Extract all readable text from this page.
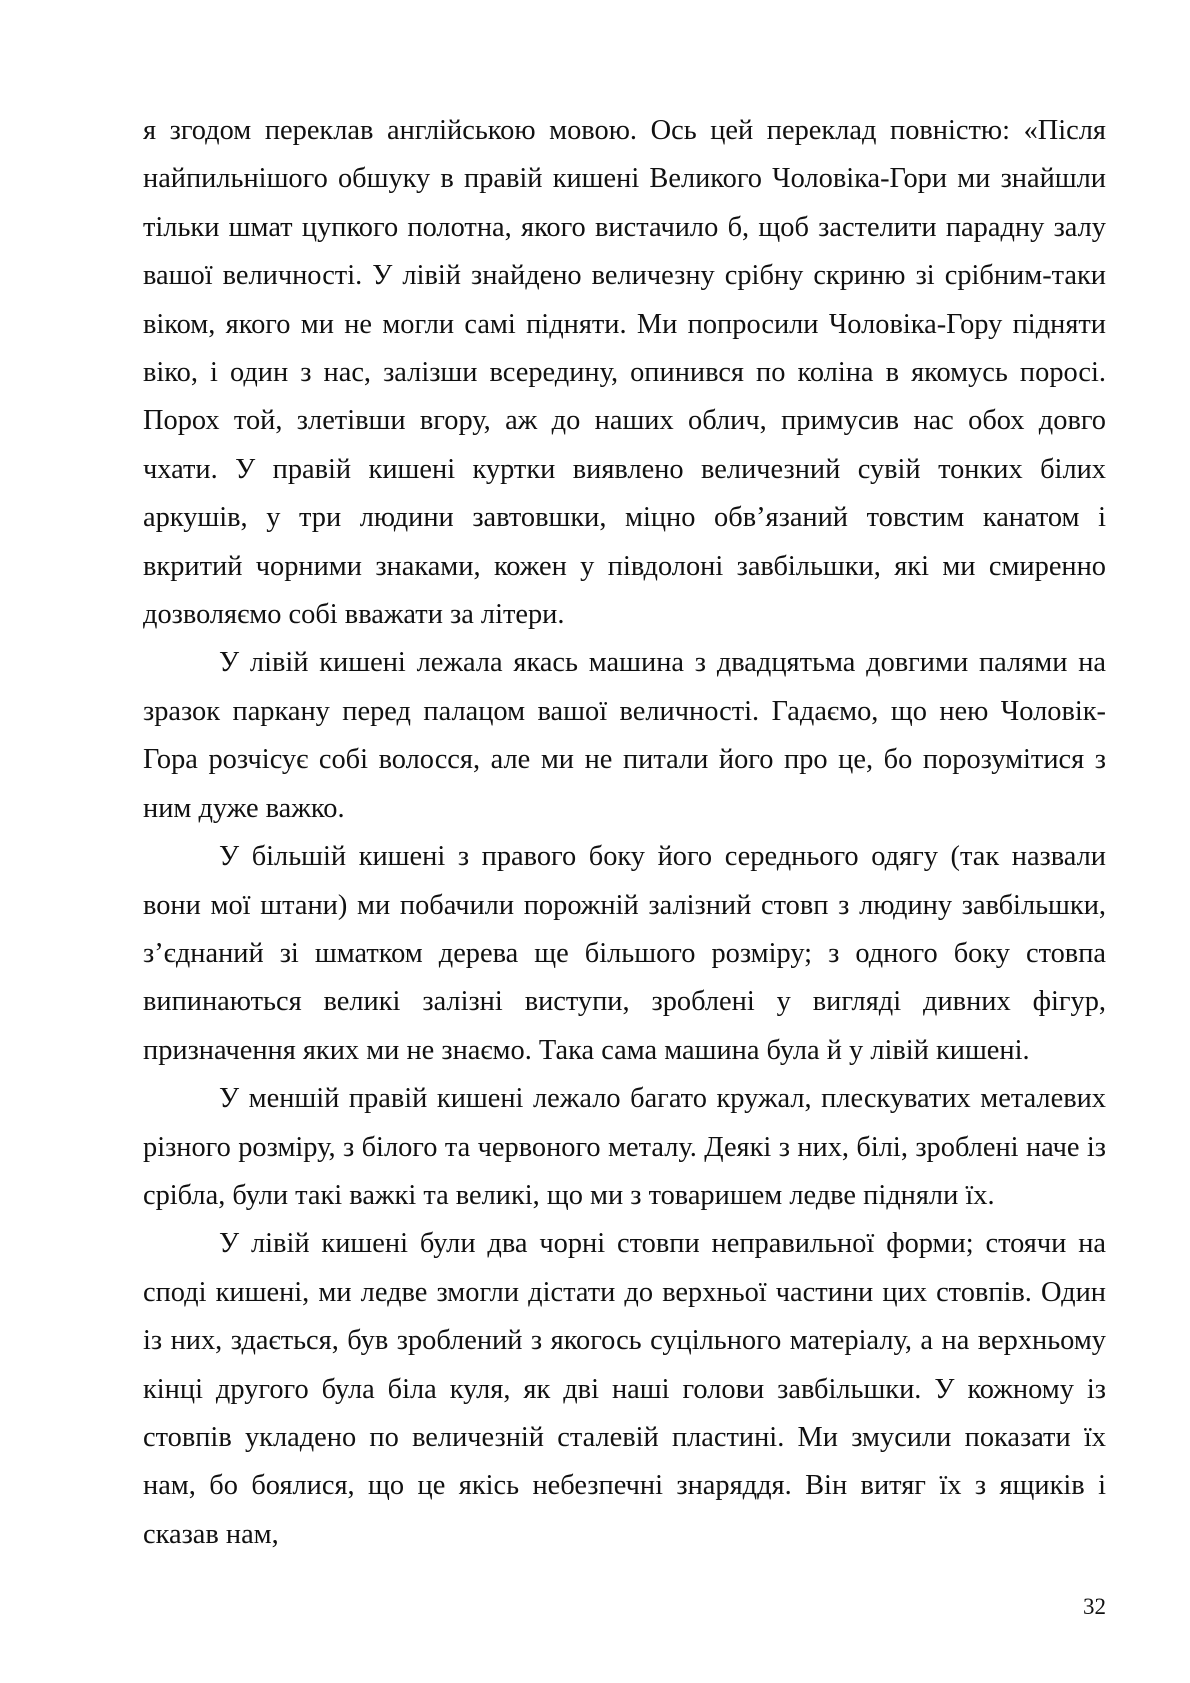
я згодом переклав англійською мовою. Ось цей переклад повністю: «Після найпильнішого обшуку в правій кишені Великого Чоловіка-Гори ми знайшли тільки шмат цупкого полотна, якого вистачило б, щоб застелити парадну залу вашої величності. У лівій знайдено величезну срібну скриню зі срібним-таки віком, якого ми не могли самі підняти. Ми попросили Чоловіка-Гору підняти віко, і один з нас, залізши всередину, опинився по коліна в якомусь поросі. Порох той, злетівши вгору, аж до наших облич, примусив нас обох довго чхати. У правій кишені куртки виявлено величезний сувій тонких білих аркушів, у три людини завтовшки, міцно обв’язаний товстим канатом і вкритий чорними знаками, кожен у півдолоні завбільшки, які ми смиренно дозволяємо собі вважати за літери.

У лівій кишені лежала якась машина з двадцятьма довгими палями на зразок паркану перед палацом вашої величності. Гадаємо, що нею Чоловік-Гора розчісує собі волосся, але ми не питали його про це, бо порозумітися з ним дуже важко.

У більшій кишені з правого боку його середнього одягу (так назвали вони мої штани) ми побачили порожній залізний стовп з людину завбільшки, з’єднаний зі шматком дерева ще більшого розміру; з одного боку стовпа випинаються великі залізні виступи, зроблені у вигляді дивних фігур, призначення яких ми не знаємо. Така сама машина була й у лівій кишені.

У меншій правій кишені лежало багато кружал, плескуватих металевих різного розміру, з білого та червоного металу. Деякі з них, білі, зроблені наче із срібла, були такі важкі та великі, що ми з товаришем ледве підняли їх.

У лівій кишені були два чорні стовпи неправильної форми; стоячи на споді кишені, ми ледве змогли дістати до верхньої частини цих стовпів. Один із них, здається, був зроблений з якогось суцільного матеріалу, а на верхньому кінці другого була біла куля, як дві наші голови завбільшки. У кожному із стовпів укладено по величезній сталевій пластині. Ми змусили показати їх нам, бо боялися, що це якісь небезпечні знаряддя. Він витяг їх з ящиків і сказав нам,

32
